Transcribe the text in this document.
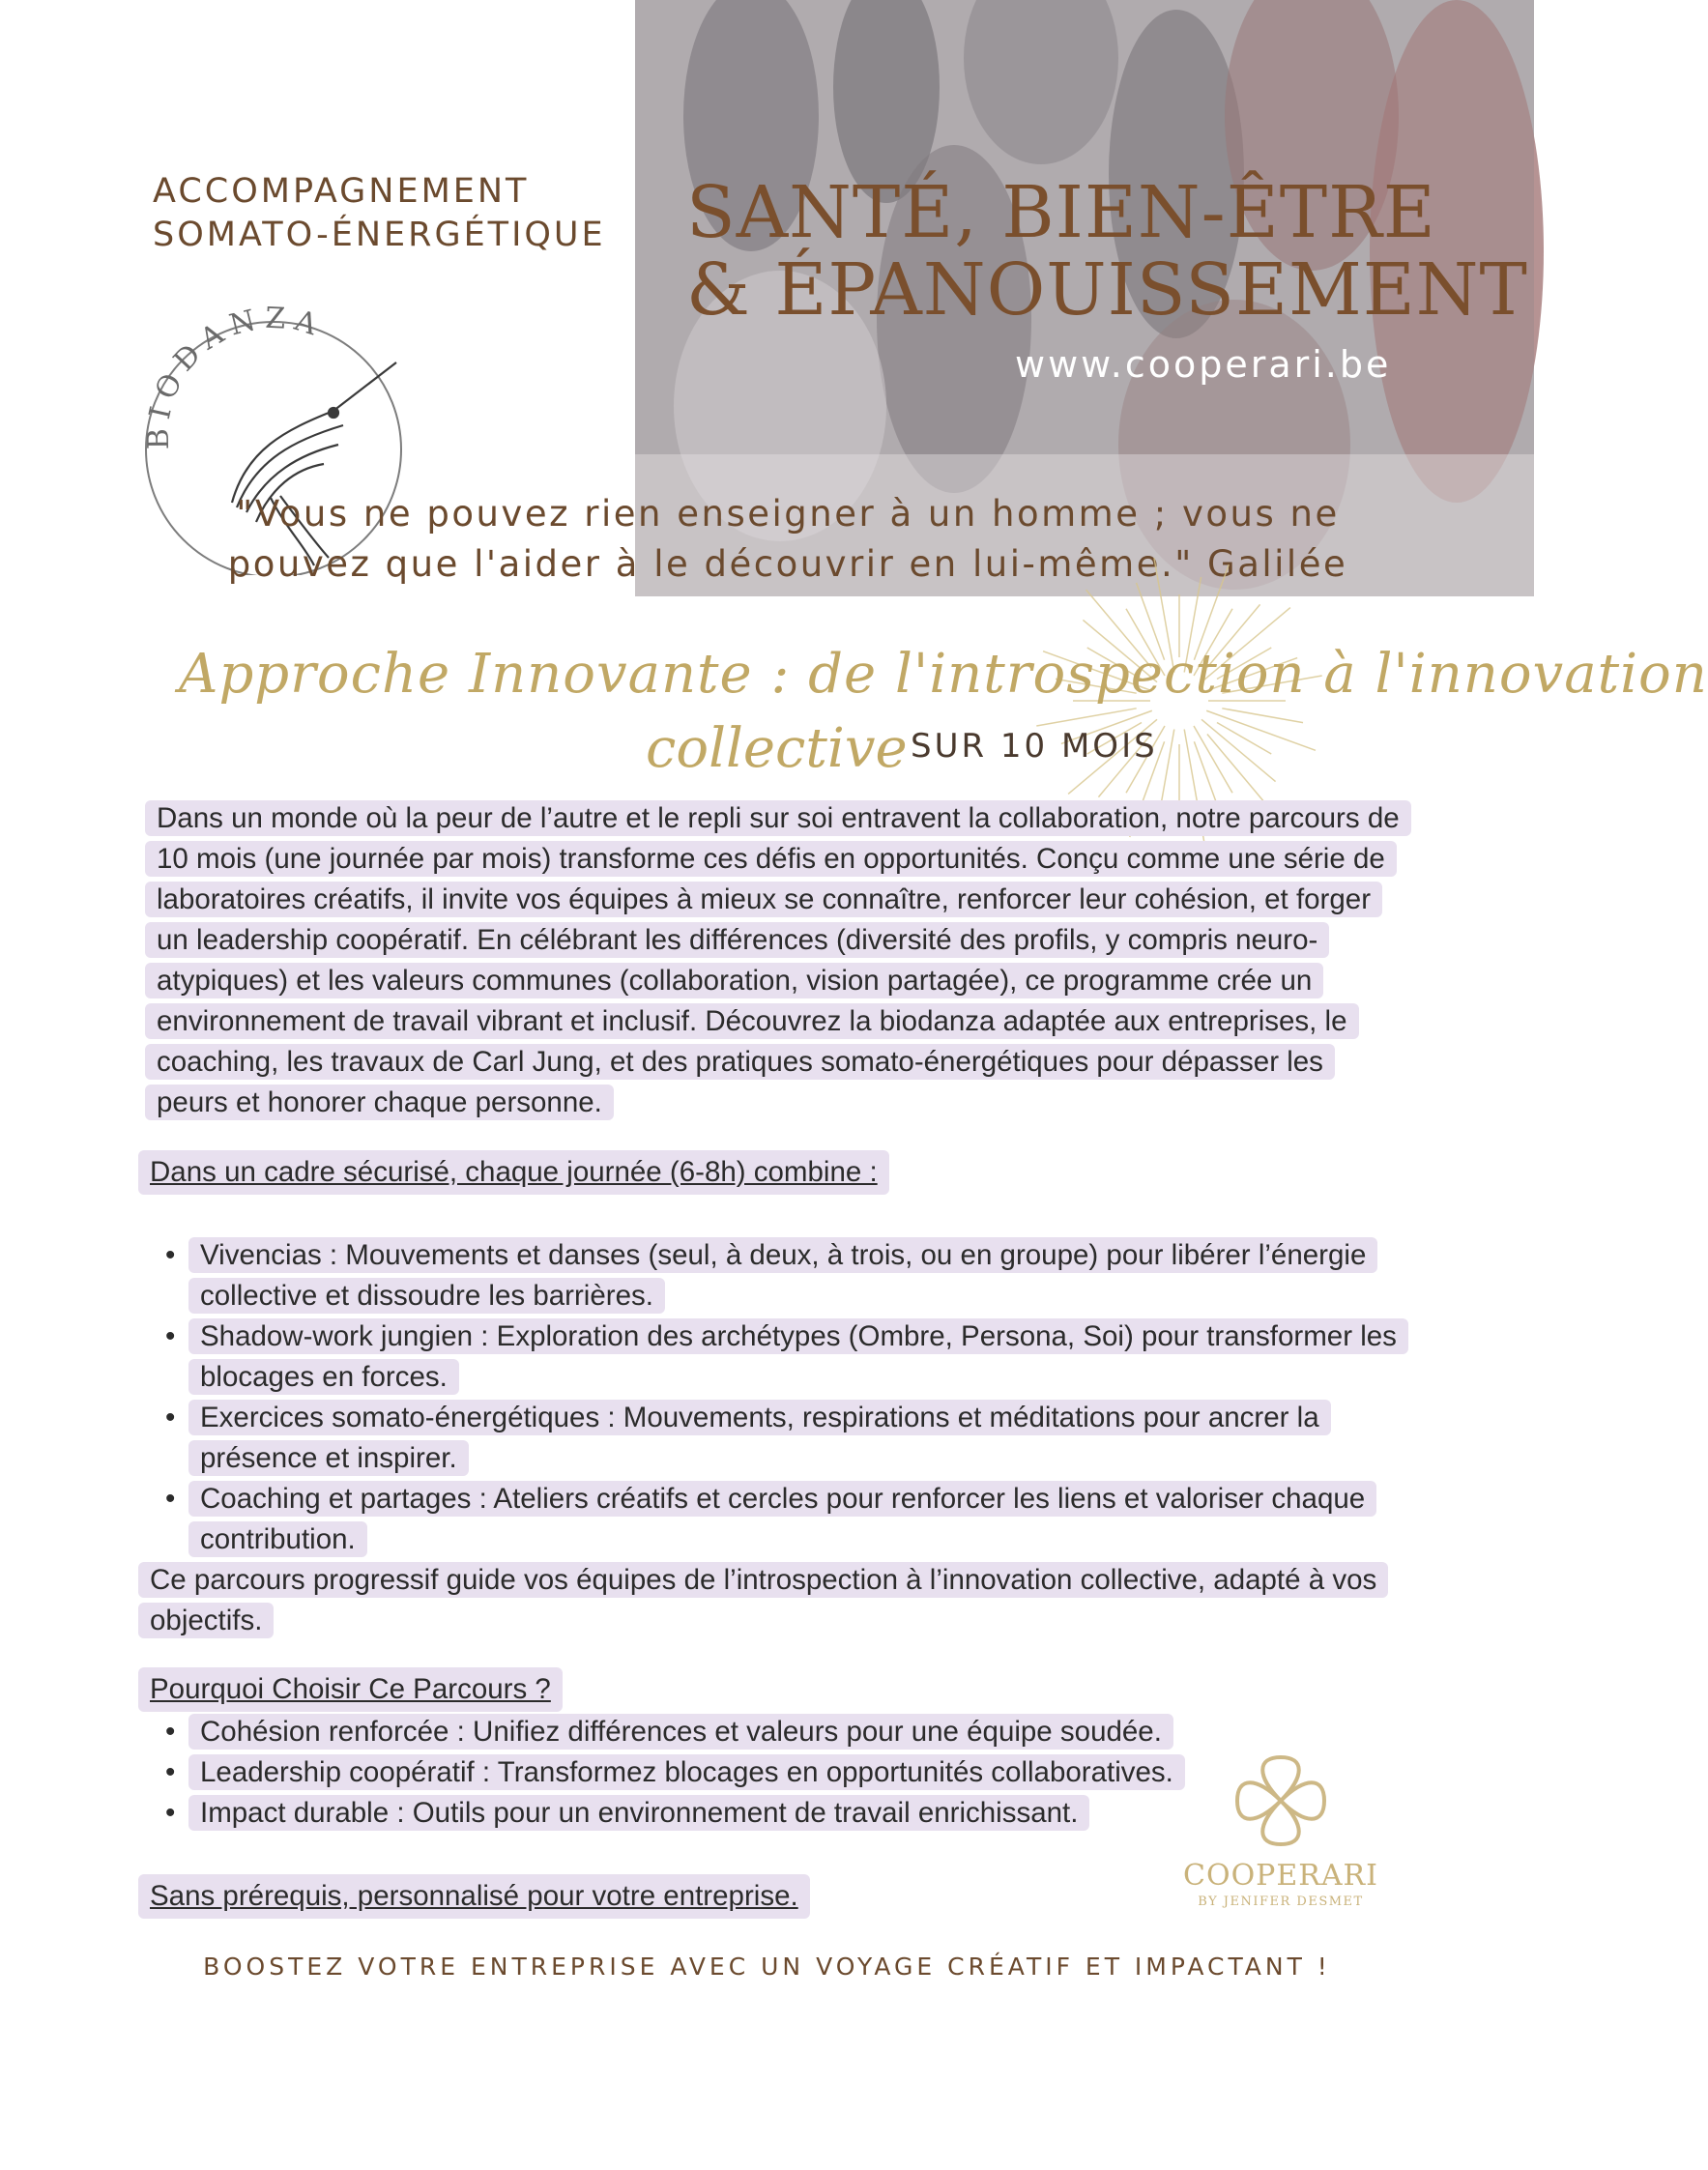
ACCOMPAGNEMENT
SOMATO-ÉNERGÉTIQUE SANTÉ, BIEN-ÊTRE
& ÉPANOUISSEMENT
www.cooperari.be
BIODANZA
"Vous ne pouvez rien enseigner à un homme ; vous ne
pouvez que l'aider à le découvrir en lui-même." Galilée
Approche Innovante : de l'introspection à l'innovation
collective SUR 10 MOIS
Dans un monde où la peur de l’autre et le repli sur soi entravent la collaboration, notre parcours de 10 mois (une journée par mois) transforme ces défis en opportunités. Conçu comme une série de laboratoires créatifs, il invite vos équipes à mieux se connaître, renforcer leur cohésion, et forger un leadership coopératif. En célébrant les différences (diversité des profils, y compris neuro-atypiques) et les valeurs communes (collaboration, vision partagée), ce programme crée un environnement de travail vibrant et inclusif. Découvrez la biodanza adaptée aux entreprises, le coaching, les travaux de Carl Jung, et des pratiques somato-énergétiques pour dépasser les peurs et honorer chaque personne.
Dans un cadre sécurisé, chaque journée (6-8h) combine :
• Vivencias : Mouvements et danses (seul, à deux, à trois, ou en groupe) pour libérer l’énergie collective et dissoudre les barrières.
• Shadow-work jungien : Exploration des archétypes (Ombre, Persona, Soi) pour transformer les blocages en forces.
• Exercices somato-énergétiques : Mouvements, respirations et méditations pour ancrer la présence et inspirer.
• Coaching et partages : Ateliers créatifs et cercles pour renforcer les liens et valoriser chaque contribution.
Ce parcours progressif guide vos équipes de l’introspection à l’innovation collective, adapté à vos objectifs.
Pourquoi Choisir Ce Parcours ?
• Cohésion renforcée : Unifiez différences et valeurs pour une équipe soudée.
• Leadership coopératif : Transformez blocages en opportunités collaboratives.
• Impact durable : Outils pour un environnement de travail enrichissant.
Sans prérequis, personnalisé pour votre entreprise.
COOPERARI
BY JENIFER DESMET
BOOSTEZ VOTRE ENTREPRISE AVEC UN VOYAGE CRÉATIF ET IMPACTANT !
